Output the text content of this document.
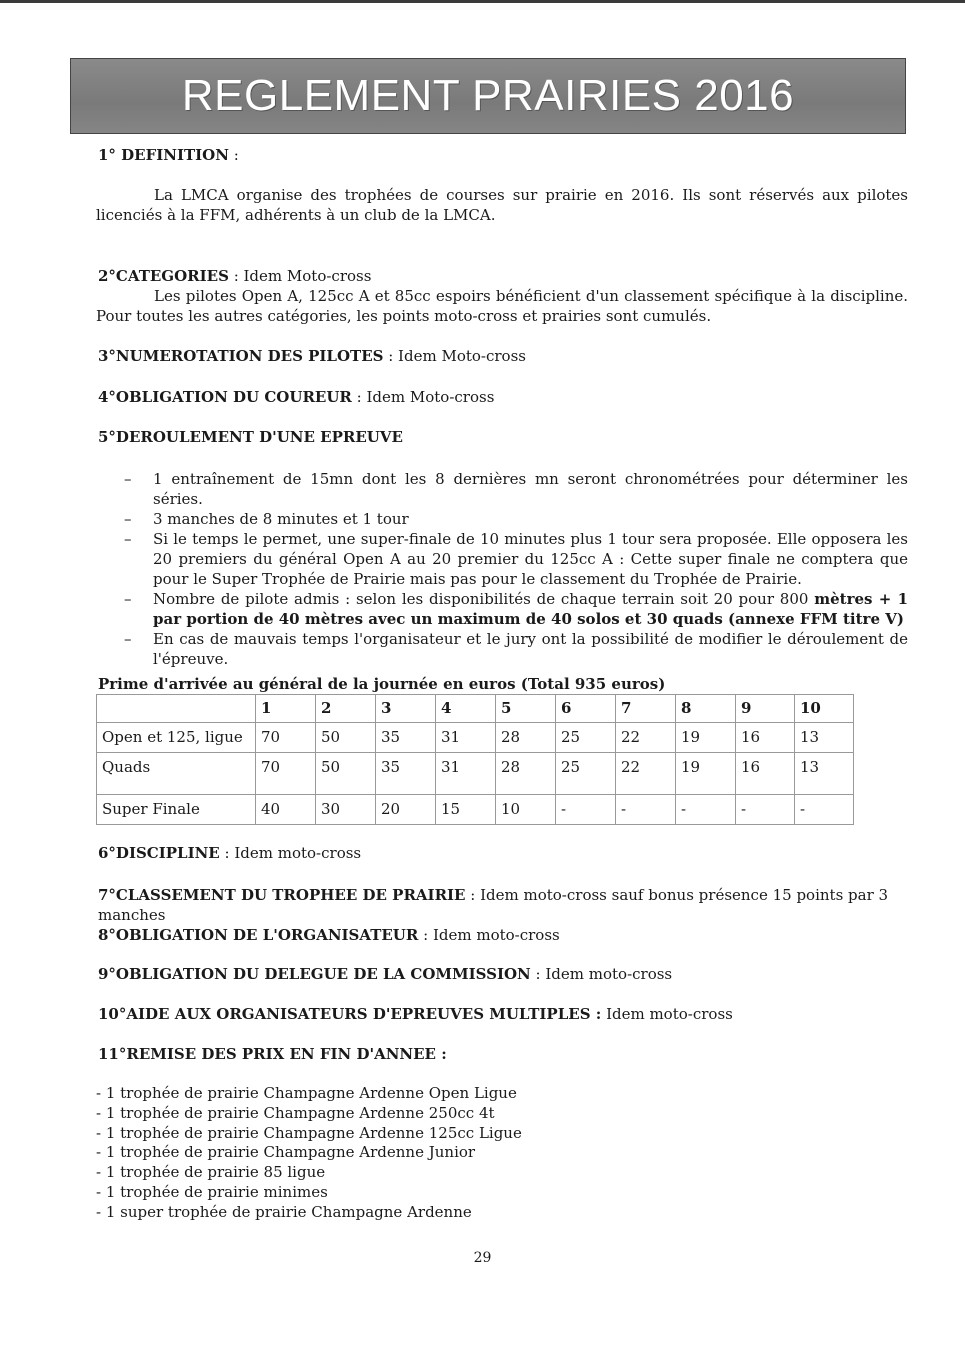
REGLEMENT PRAIRIES 2016
1° DEFINITION :
La LMCA organise des trophées de courses sur prairie en 2016. Ils sont réservés aux pilotes licenciés à la FFM, adhérents à un club de la LMCA.
2°CATEGORIES : Idem Moto-cross
Les pilotes Open A, 125cc A et 85cc espoirs bénéficient d'un classement spécifique à la discipline. Pour toutes les autres catégories, les points moto-cross et prairies sont cumulés.
3°NUMEROTATION DES PILOTES : Idem Moto-cross
4°OBLIGATION DU COUREUR : Idem Moto-cross
5°DEROULEMENT D'UNE EPREUVE
– 1 entraînement de 15mn dont les 8 dernières mn seront chronométrées pour déterminer les séries.
– 3 manches de 8 minutes et 1 tour
– Si le temps le permet, une super-finale de 10 minutes plus 1 tour sera proposée. Elle opposera les 20 premiers du général Open A au 20 premier du 125cc A : Cette super finale ne comptera que pour le Super Trophée de Prairie mais pas pour le classement du Trophée de Prairie.
– Nombre de pilote admis : selon les disponibilités de chaque terrain soit 20 pour 800 mètres + 1 par portion de 40 mètres avec un maximum de 40 solos et 30 quads (annexe FFM titre V)
– En cas de mauvais temps l'organisateur et le jury ont la possibilité de modifier le déroulement de l'épreuve.
Prime d'arrivée au général de la journée en euros (Total 935 euros)
	1	2	3	4	5	6	7	8	9	10
Open et 125, ligue	70	50	35	31	28	25	22	19	16	13
Quads	70	50	35	31	28	25	22	19	16	13
Super Finale	40	30	20	15	10	-	-	-	-	-
6°DISCIPLINE : Idem moto-cross
7°CLASSEMENT DU TROPHEE DE PRAIRIE : Idem moto-cross sauf bonus présence 15 points par 3 manches
8°OBLIGATION DE L'ORGANISATEUR : Idem moto-cross
9°OBLIGATION DU DELEGUE DE LA COMMISSION : Idem moto-cross
10°AIDE AUX ORGANISATEURS D'EPREUVES MULTIPLES : Idem moto-cross
11°REMISE DES PRIX EN FIN D'ANNEE :
- 1 trophée de prairie Champagne Ardenne Open Ligue
- 1 trophée de prairie Champagne Ardenne 250cc 4t
- 1 trophée de prairie Champagne Ardenne 125cc Ligue
- 1 trophée de prairie Champagne Ardenne Junior
- 1 trophée de prairie 85 ligue
- 1 trophée de prairie minimes
- 1 super trophée de prairie Champagne Ardenne
29
